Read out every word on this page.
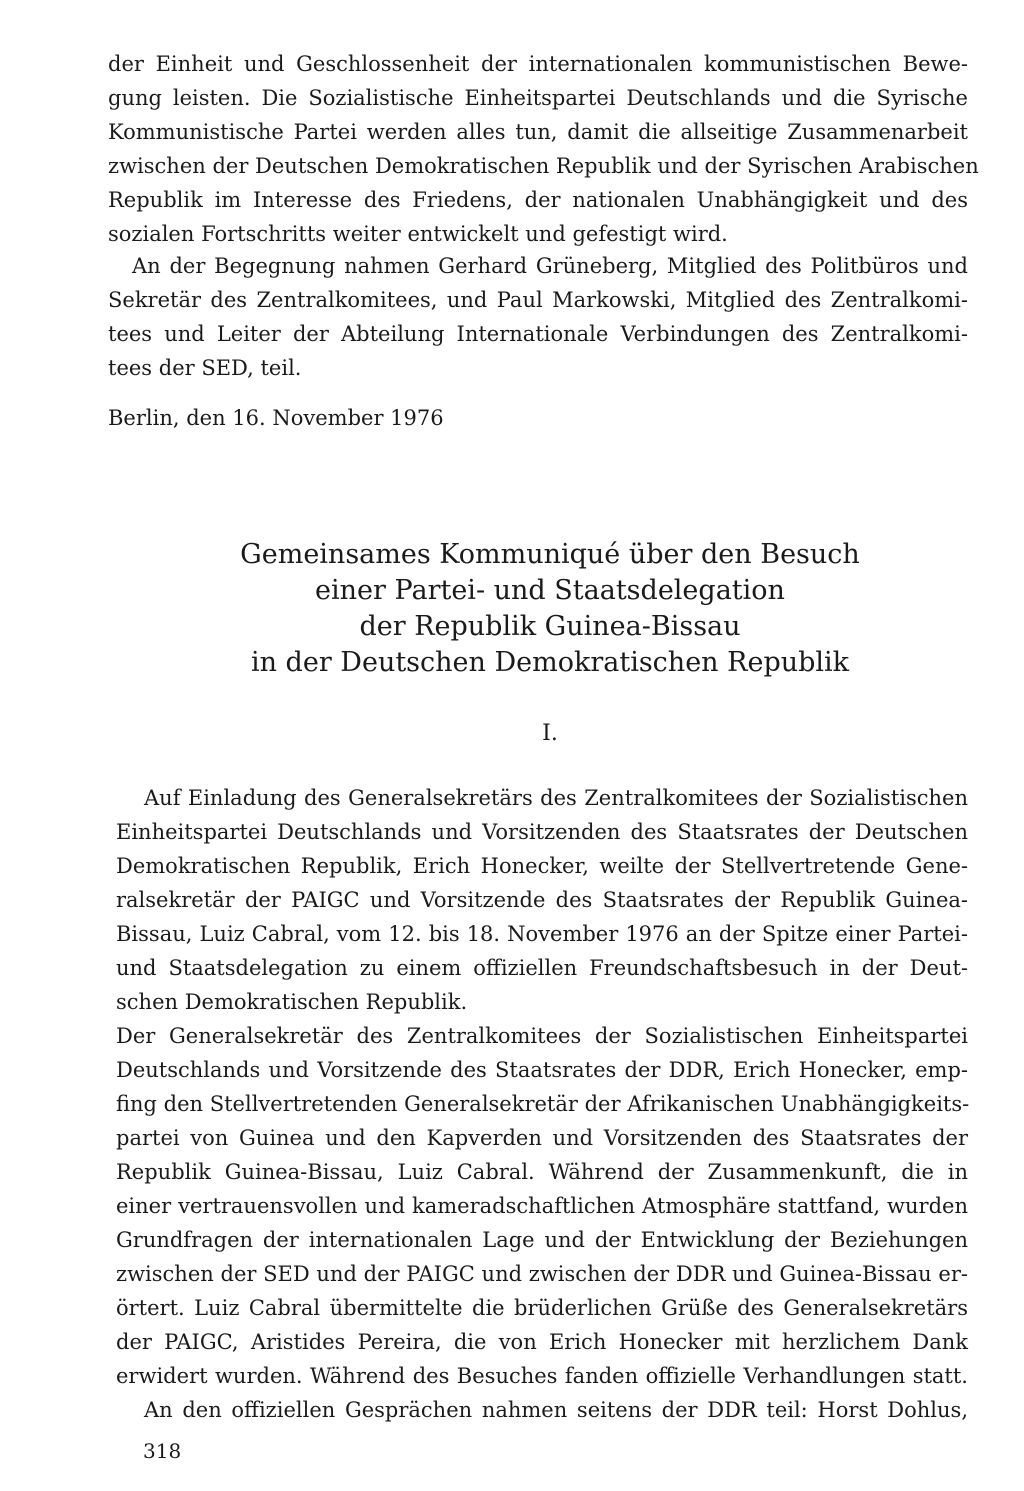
der Einheit und Geschlossenheit der internationalen kommunistischen Bewe-
gung leisten. Die Sozialistische Einheitspartei Deutschlands und die Syrische
Kommunistische Partei werden alles tun, damit die allseitige Zusammenarbeit
zwischen der Deutschen Demokratischen Republik und der Syrischen Arabischen
Republik im Interesse des Friedens, der nationalen Unabhängigkeit und des
sozialen Fortschritts weiter entwickelt und gefestigt wird.
An der Begegnung nahmen Gerhard Grüneberg, Mitglied des Politbüros und
Sekretär des Zentralkomitees, und Paul Markowski, Mitglied des Zentralkomi-
tees und Leiter der Abteilung Internationale Verbindungen des Zentralkomi-
tees der SED, teil.
Berlin, den 16. November 1976
Gemeinsames Kommuniqué über den Besuch
einer Partei- und Staatsdelegation
der Republik Guinea-Bissau
in der Deutschen Demokratischen Republik
I.
Auf Einladung des Generalsekretärs des Zentralkomitees der Sozialistischen
Einheitspartei Deutschlands und Vorsitzenden des Staatsrates der Deutschen
Demokratischen Republik, Erich Honecker, weilte der Stellvertretende Gene-
ralsekretär der PAIGC und Vorsitzende des Staatsrates der Republik Guinea-
Bissau, Luiz Cabral, vom 12. bis 18. November 1976 an der Spitze einer Partei-
und Staatsdelegation zu einem offiziellen Freundschaftsbesuch in der Deut-
schen Demokratischen Republik.
Der Generalsekretär des Zentralkomitees der Sozialistischen Einheitspartei
Deutschlands und Vorsitzende des Staatsrates der DDR, Erich Honecker, emp-
fing den Stellvertretenden Generalsekretär der Afrikanischen Unabhängigkeits-
partei von Guinea und den Kapverden und Vorsitzenden des Staatsrates der
Republik Guinea-Bissau, Luiz Cabral. Während der Zusammenkunft, die in
einer vertrauensvollen und kameradschaftlichen Atmosphäre stattfand, wurden
Grundfragen der internationalen Lage und der Entwicklung der Beziehungen
zwischen der SED und der PAIGC und zwischen der DDR und Guinea-Bissau er-
örtert. Luiz Cabral übermittelte die brüderlichen Grüße des Generalsekretärs
der PAIGC, Aristides Pereira, die von Erich Honecker mit herzlichem Dank
erwidert wurden. Während des Besuches fanden offizielle Verhandlungen statt.
An den offiziellen Gesprächen nahmen seitens der DDR teil: Horst Dohlus,
318
